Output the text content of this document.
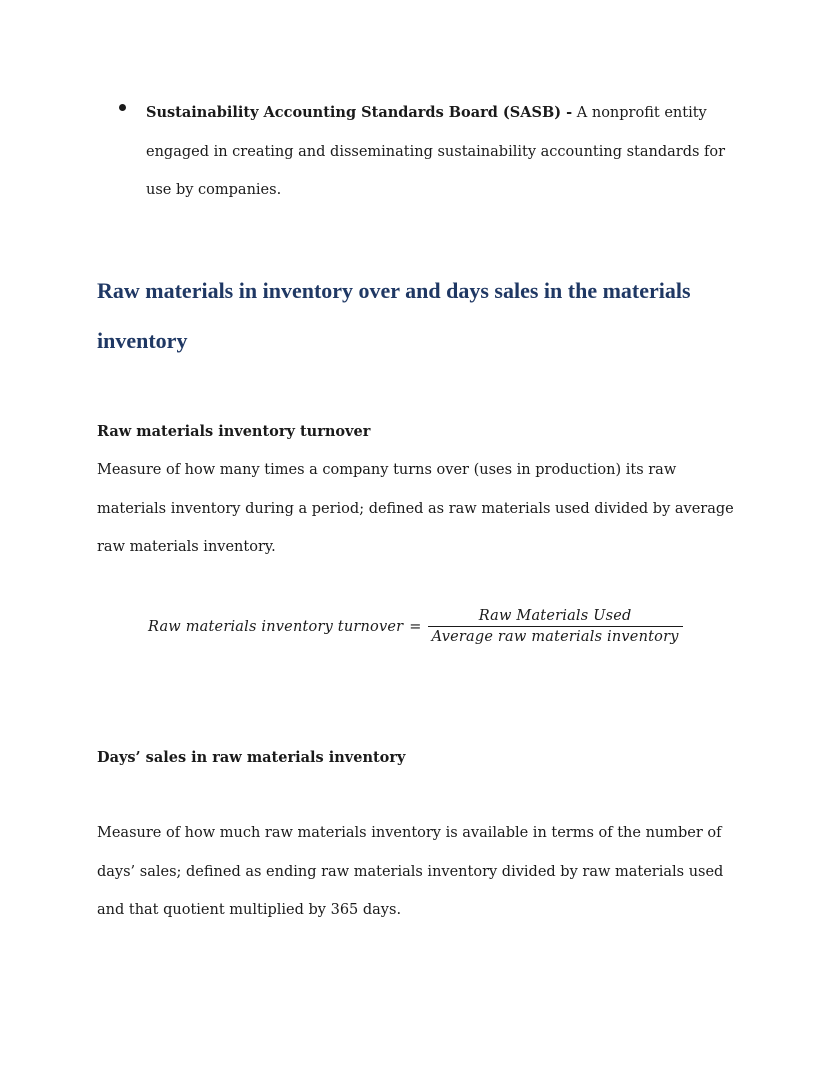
Sustainability Accounting Standards Board (SASB) - A nonprofit entity engaged in creating and disseminating sustainability accounting standards for use by companies.
Raw materials in inventory over and days sales in the materials inventory
Raw materials inventory turnover

Measure of how many times a company turns over (uses in production) its raw materials inventory during a period; defined as raw materials used divided by average raw materials inventory.

Raw materials inventory turnover = $\frac{\text{Raw Materials Used}}{\text{Average raw materials inventory}}$
Days’ sales in raw materials inventory

Measure of how much raw materials inventory is available in terms of the number of days’ sales; defined as ending raw materials inventory divided by raw materials used and that quotient multiplied by 365 days.
